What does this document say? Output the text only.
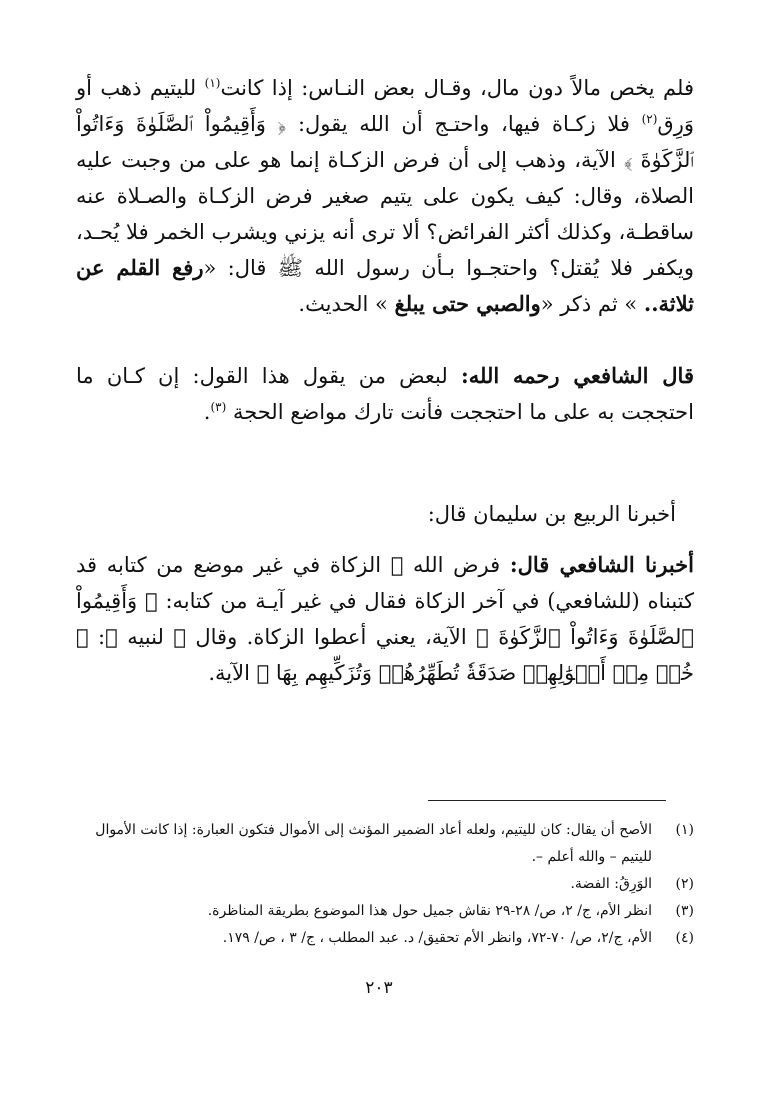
فلم يخص مالاً دون مال، وقـال بعض النـاس: إذا كانت$^{(١)}$ لليتيم ذهب أو وَرِق$^{(٢)}$ فلا زكـاة فيها، واحتـج أن الله يقول: ﴿ وَأَقِيمُواْ ٱلصَّلَوٰةَ وَءَاتُواْ ٱلزَّكَوٰةَ ﴾ الآية، وذهب إلى أن فرض الزكـاة إنما هو على من وجبت عليه الصلاة، وقال: كيف يكون على يتيم صغير فرض الزكـاة والصـلاة عنه ساقطـة، وكذلك أكثر الفرائض؟ ألا ترى أنه يزني ويشرب الخمر فلا يُحـد، ويكفر فلا يُقتل؟ واحتجـوا بـأن رسول الله ﷺ قال: «رفع القلم عن ثلاثة.. » ثم ذكر «والصبي حتى يبلغ » الحديث.
قال الشافعي رحمه الله: لبعض من يقول هذا القول: إن كـان ما احتججت به على ما احتججت فأنت تارك مواضع الحجة $^{(٣)}$.
أخبرنا الربيع بن سليمان قال:
أخبرنا الشافعي قال: فرض الله ﷻ الزكاة في غير موضع من كتابه قد كتبناه (للشافعي) في آخر الزكاة فقال في غير آيـة من كتابه: ﴿ وَأَقِيمُواْ ٱلصَّلَوٰةَ وَءَاتُواْ ٱلزَّكَوٰةَ ﴾ الآية، يعني أعطوا الزكاة. وقال ﷻ لنبيه ﷺ: ﴿ خُذۡ مِنۡ أَمۡوَٰلِهِمۡ صَدَقَةٗ تُطَهِّرُهُمۡ وَتُزَكِّيهِم بِهَا ﴾ الآية.
(١)
الأصح أن يقال: كان لليتيم، ولعله أعاد الضمير المؤنث إلى الأموال فتكون العبارة: إذا كانت الأموال لليتيم – والله أعلم –.
(٢)
الوَرِقُ: الفضة.
(٣)
انظر الأم، ج/ ٢، ص/ ٢٨-٢٩ نقاش جميل حول هذا الموضوع بطريقة المناظرة.
(٤)
الأم، ج/٢، ص/ ٧٠-٧٢، وانظر الأم تحقيق/ د. عبد المطلب ، ج/ ٣ ، ص/ ١٧٩.
٢٠٣
